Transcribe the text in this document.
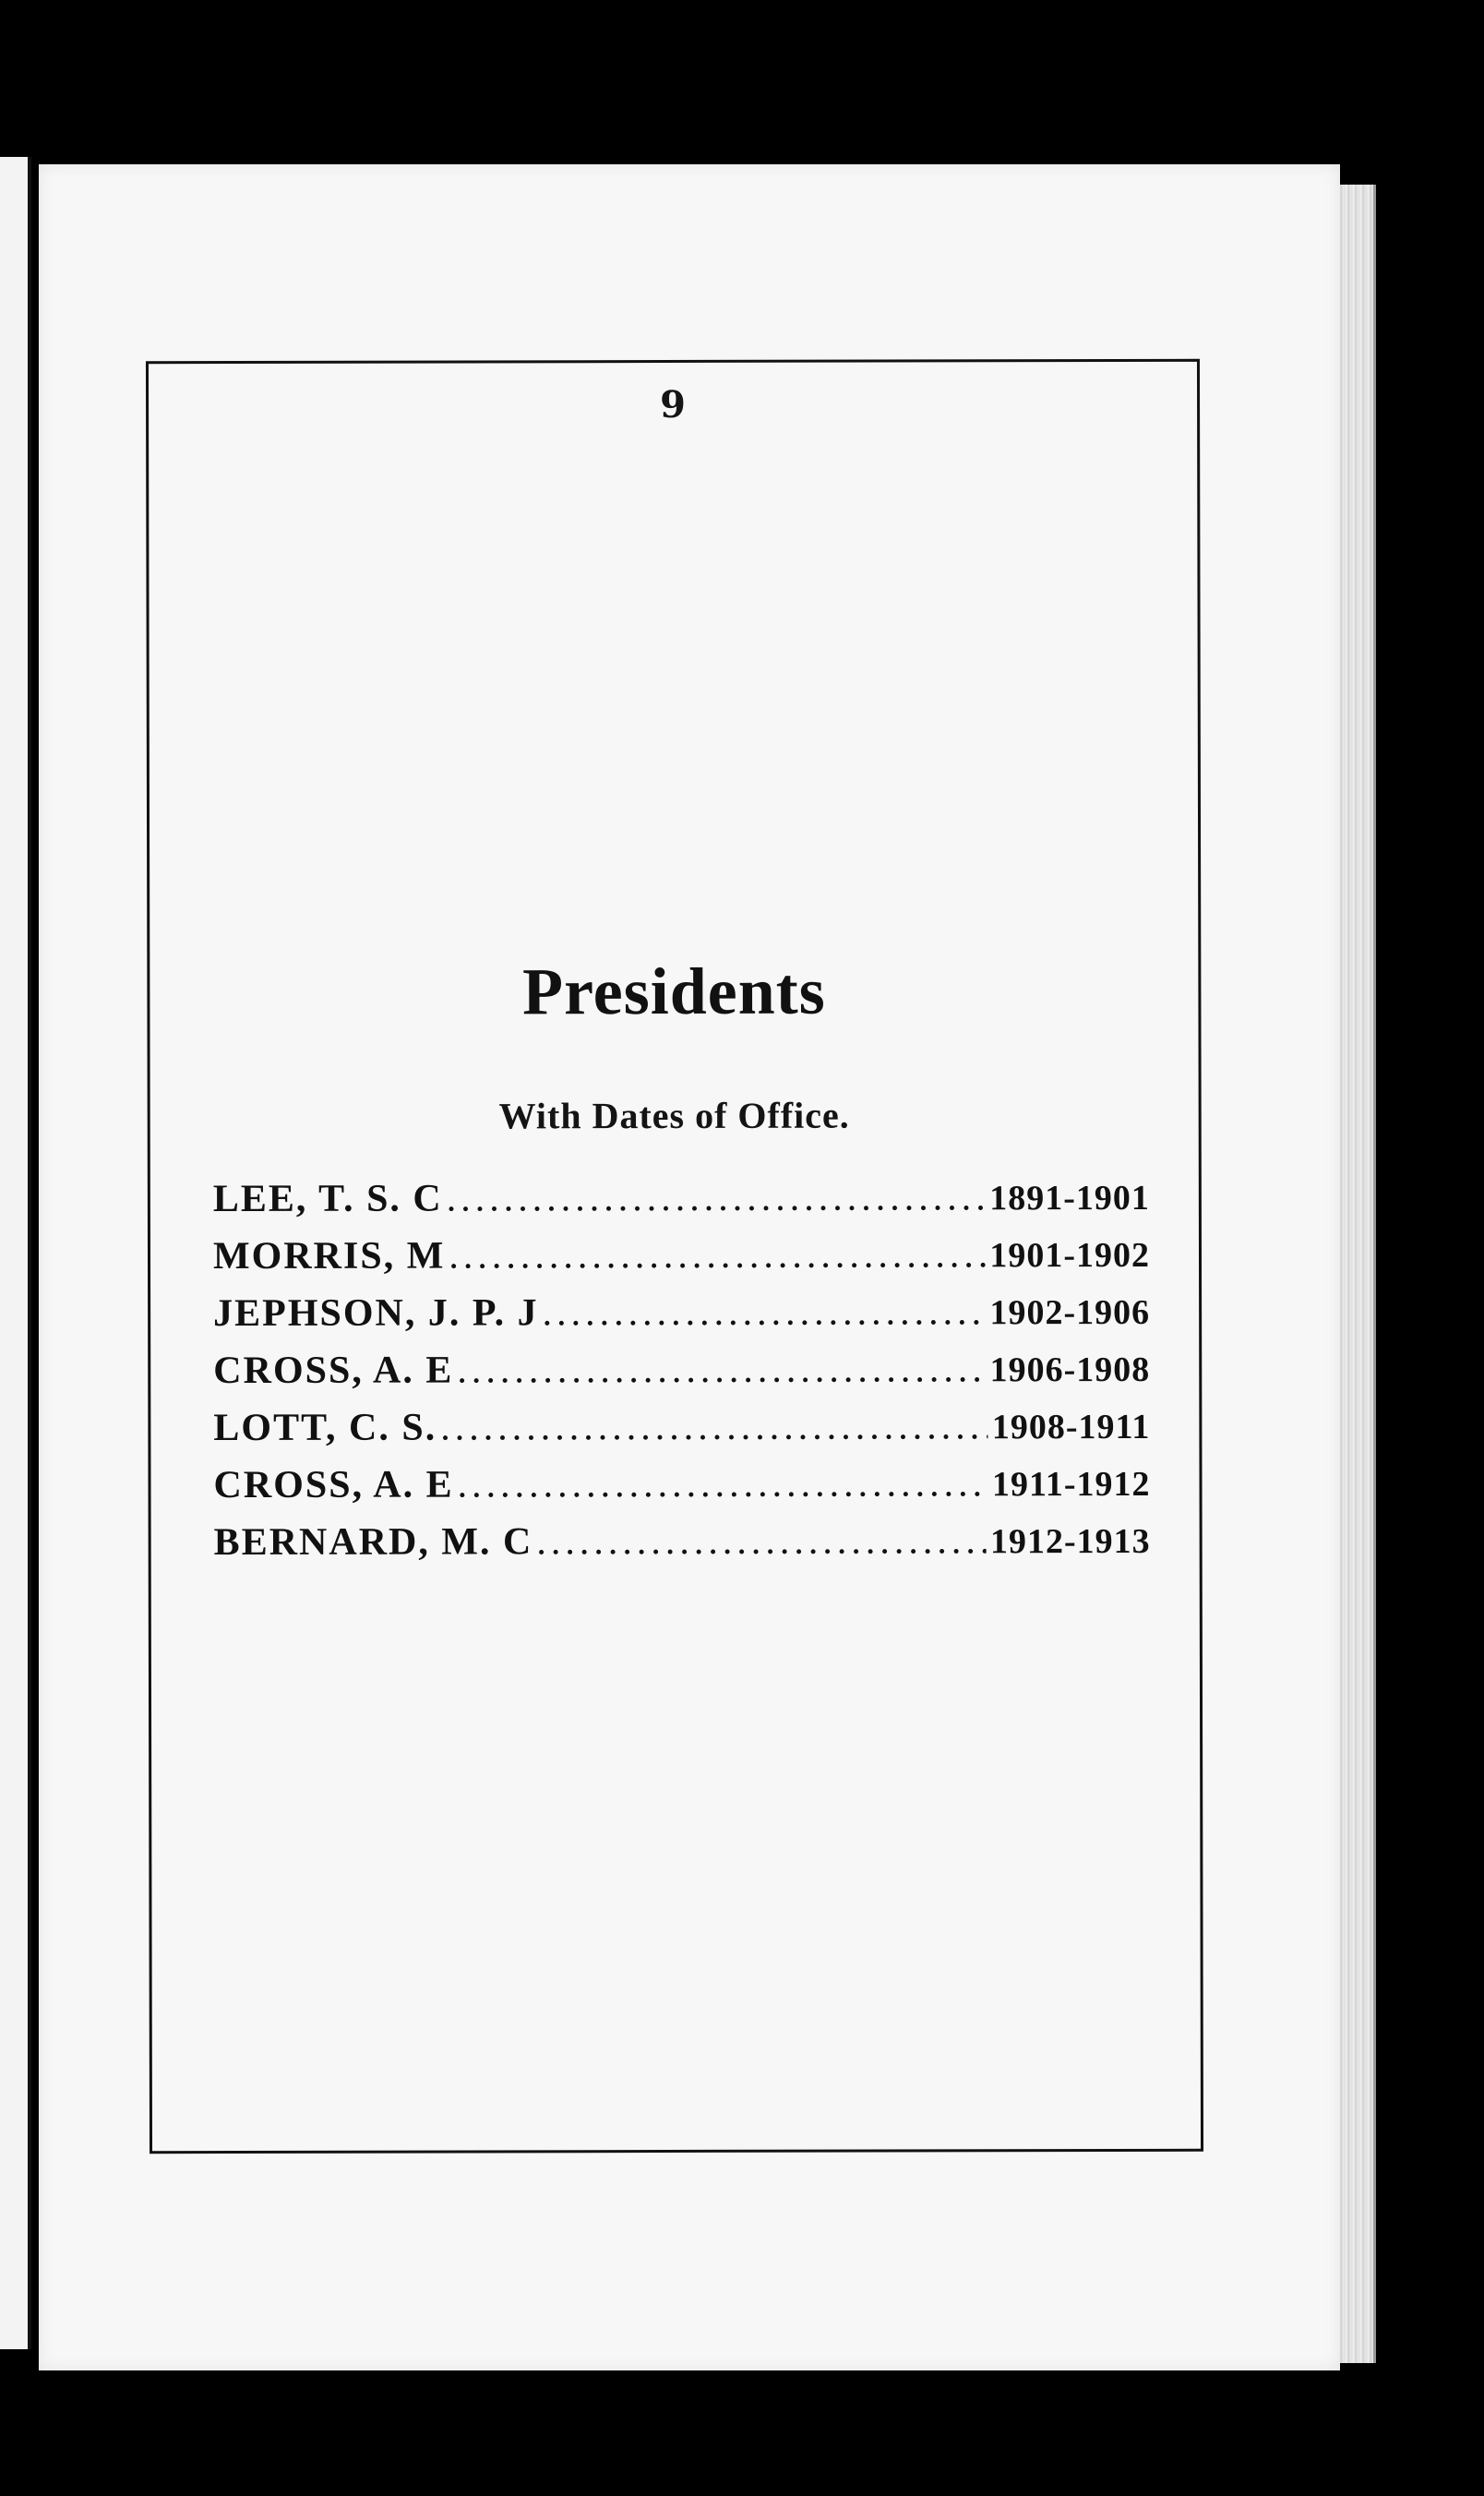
9
Presidents
With Dates of Office.
LEE, T. S. C .....	1891-1901
MORRIS, M .....	1901-1902
JEPHSON, J. P. J .....	1902-1906
CROSS, A. E .....	1906-1908
LOTT, C. S. .....	1908-1911
CROSS, A. E .....	1911-1912
BERNARD, M. C .....	1912-1913
